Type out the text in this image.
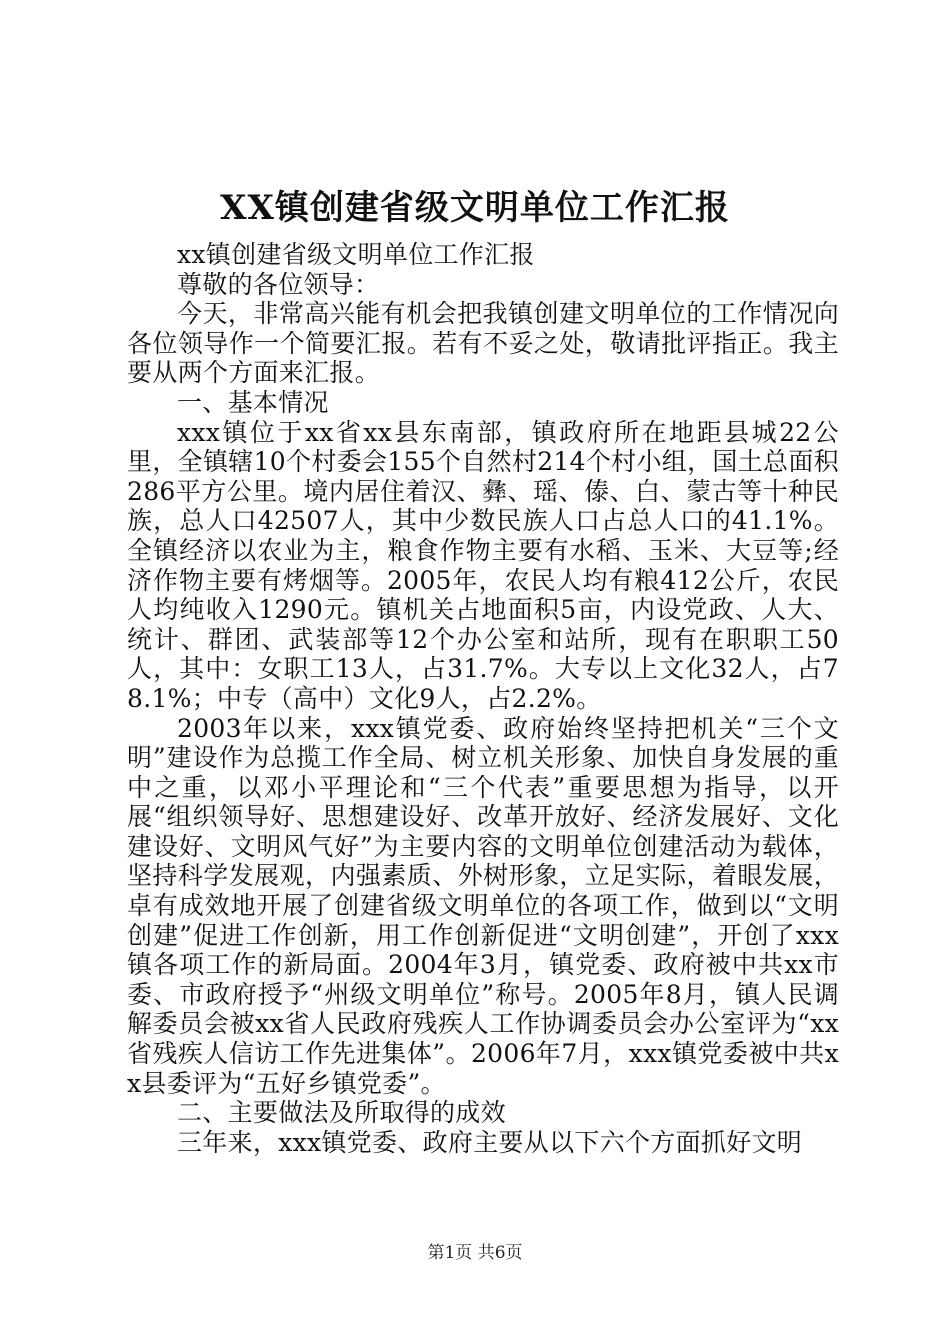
XX镇创建省级文明单位工作汇报

xx镇创建省级文明单位工作汇报

尊敬的各位领导：

今天，非常高兴能有机会把我镇创建文明单位的工作情况向各位领导作一个简要汇报。若有不妥之处，敬请批评指正。我主要从两个方面来汇报。

一、基本情况

xxx镇位于xx省xx县东南部，镇政府所在地距县城22公里，全镇辖10个村委会155个自然村214个村小组，国土总面积286平方公里。境内居住着汉、彝、瑶、傣、白、蒙古等十种民族，总人口42507人，其中少数民族人口占总人口的41.1%。全镇经济以农业为主，粮食作物主要有水稻、玉米、大豆等;经济作物主要有烤烟等。2005年，农民人均有粮412公斤，农民人均纯收入1290元。镇机关占地面积5亩，内设党政、人大、统计、群团、武装部等12个办公室和站所，现有在职职工50人，其中：女职工13人，占31.7%。大专以上文化32人，占78.1%；中专（高中）文化9人，占2.2%。

2003年以来，xxx镇党委、政府始终坚持把机关“三个文明”建设作为总揽工作全局、树立机关形象、加快自身发展的重中之重，以邓小平理论和“三个代表”重要思想为指导，以开展“组织领导好、思想建设好、改革开放好、经济发展好、文化建设好、文明风气好”为主要内容的文明单位创建活动为载体，坚持科学发展观，内强素质、外树形象，立足实际，着眼发展，卓有成效地开展了创建省级文明单位的各项工作，做到以“文明创建”促进工作创新，用工作创新促进“文明创建”，开创了xxx镇各项工作的新局面。2004年3月，镇党委、政府被中共xx市委、市政府授予“州级文明单位”称号。2005年8月，镇人民调解委员会被xx省人民政府残疾人工作协调委员会办公室评为“xx省残疾人信访工作先进集体”。2006年7月，xxx镇党委被中共xx县委评为“五好乡镇党委”。

二、主要做法及所取得的成效

三年来，xxx镇党委、政府主要从以下六个方面抓好文明

第1页 共6页
